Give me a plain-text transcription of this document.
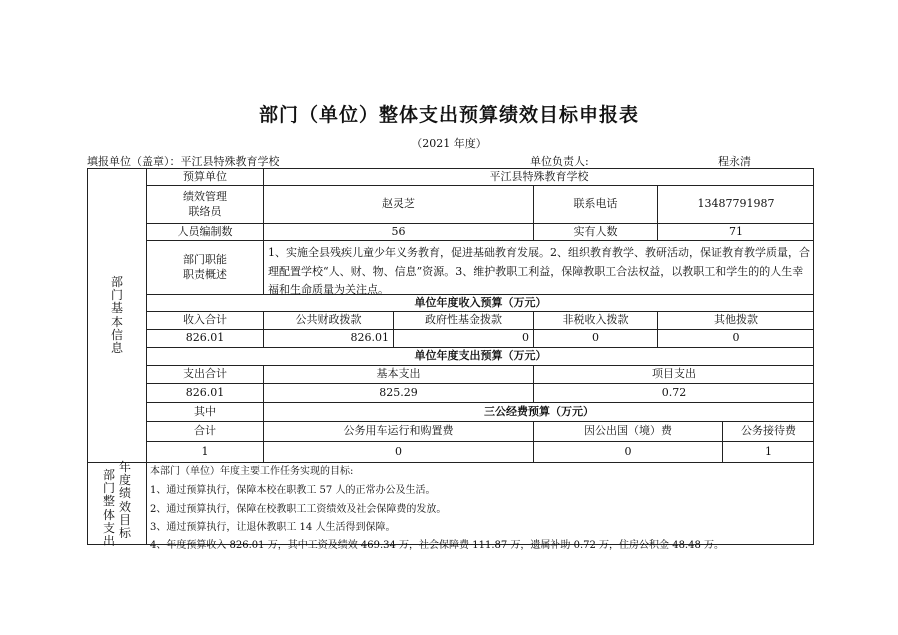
部门（单位）整体支出预算绩效目标申报表
（2021 年度）
填报单位（盖章）：平江县特殊教育学校	单位负责人:	程永清
部
门
基
本
信
息
预算单位	平江县特殊教育学校
绩效管理
联络员
赵灵芝	联系电话	13487791987
人员编制数	56	实有人数	71
部门职能
职责概述
1、实施全县残疾儿童少年义务教育，促进基础教育发展。2、组织教育教学、教研活动，保证教育教学质量，合理配置学校“人、财、物、信息”资源。3、维护教职工利益，保障教职工合法权益，以教职工和学生的的人生幸福和生命质量为关注点。
单位年度收入预算（万元）
收入合计	公共财政拨款	政府性基金拨款	非税收入拨款	其他拨款
826.01	826.01	0	0	0
单位年度支出预算（万元）
支出合计	基本支出	项目支出
826.01	825.29	0.72
其中	三公经费预算（万元）
合计	公务用车运行和购置费	因公出国（境）费	公务接待费
1	0	0	1
部
门
整
体
支
出
年
度
绩
效
目
标
本部门（单位）年度主要工作任务实现的目标:
1、通过预算执行，保障本校在职教工 57 人的正常办公及生活。
2、通过预算执行，保障在校教职工工资绩效及社会保障费的发放。
3、通过预算执行，让退休教职工 14 人生活得到保障。
4、年度预算收入 826.01 万，其中工资及绩效 469.34 万，社会保障费 111.87 万，遗属补助 0.72 万，住房公积金 48.48 万。
